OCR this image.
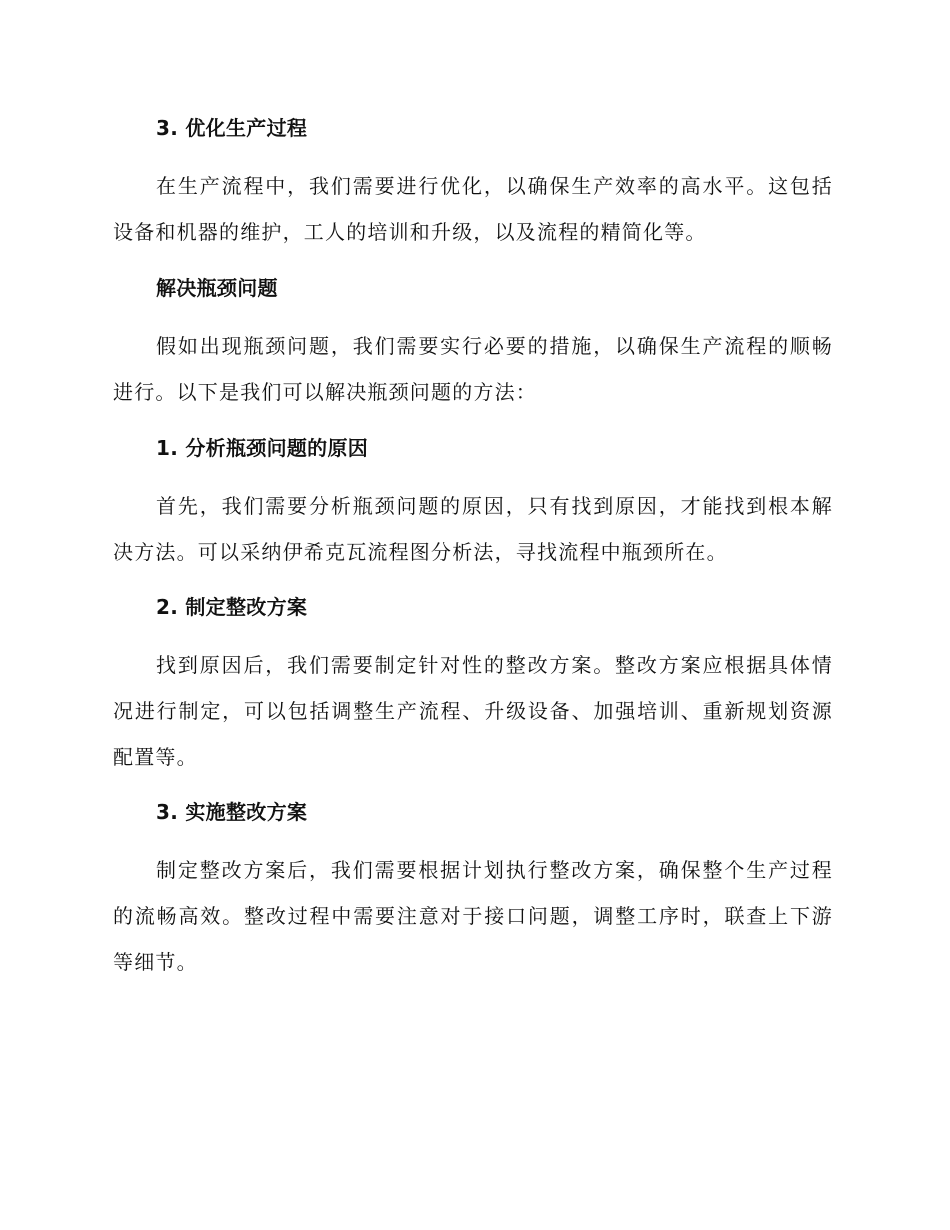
3. 优化生产过程

在生产流程中，我们需要进行优化，以确保生产效率的高水平。这包括设备和机器的维护，工人的培训和升级，以及流程的精简化等。

解决瓶颈问题

假如出现瓶颈问题，我们需要实行必要的措施，以确保生产流程的顺畅进行。以下是我们可以解决瓶颈问题的方法：

1. 分析瓶颈问题的原因

首先，我们需要分析瓶颈问题的原因，只有找到原因，才能找到根本解决方法。可以采纳伊希克瓦流程图分析法，寻找流程中瓶颈所在。

2. 制定整改方案

找到原因后，我们需要制定针对性的整改方案。整改方案应根据具体情况进行制定，可以包括调整生产流程、升级设备、加强培训、重新规划资源配置等。

3. 实施整改方案

制定整改方案后，我们需要根据计划执行整改方案，确保整个生产过程的流畅高效。整改过程中需要注意对于接口问题，调整工序时，联查上下游等细节。
